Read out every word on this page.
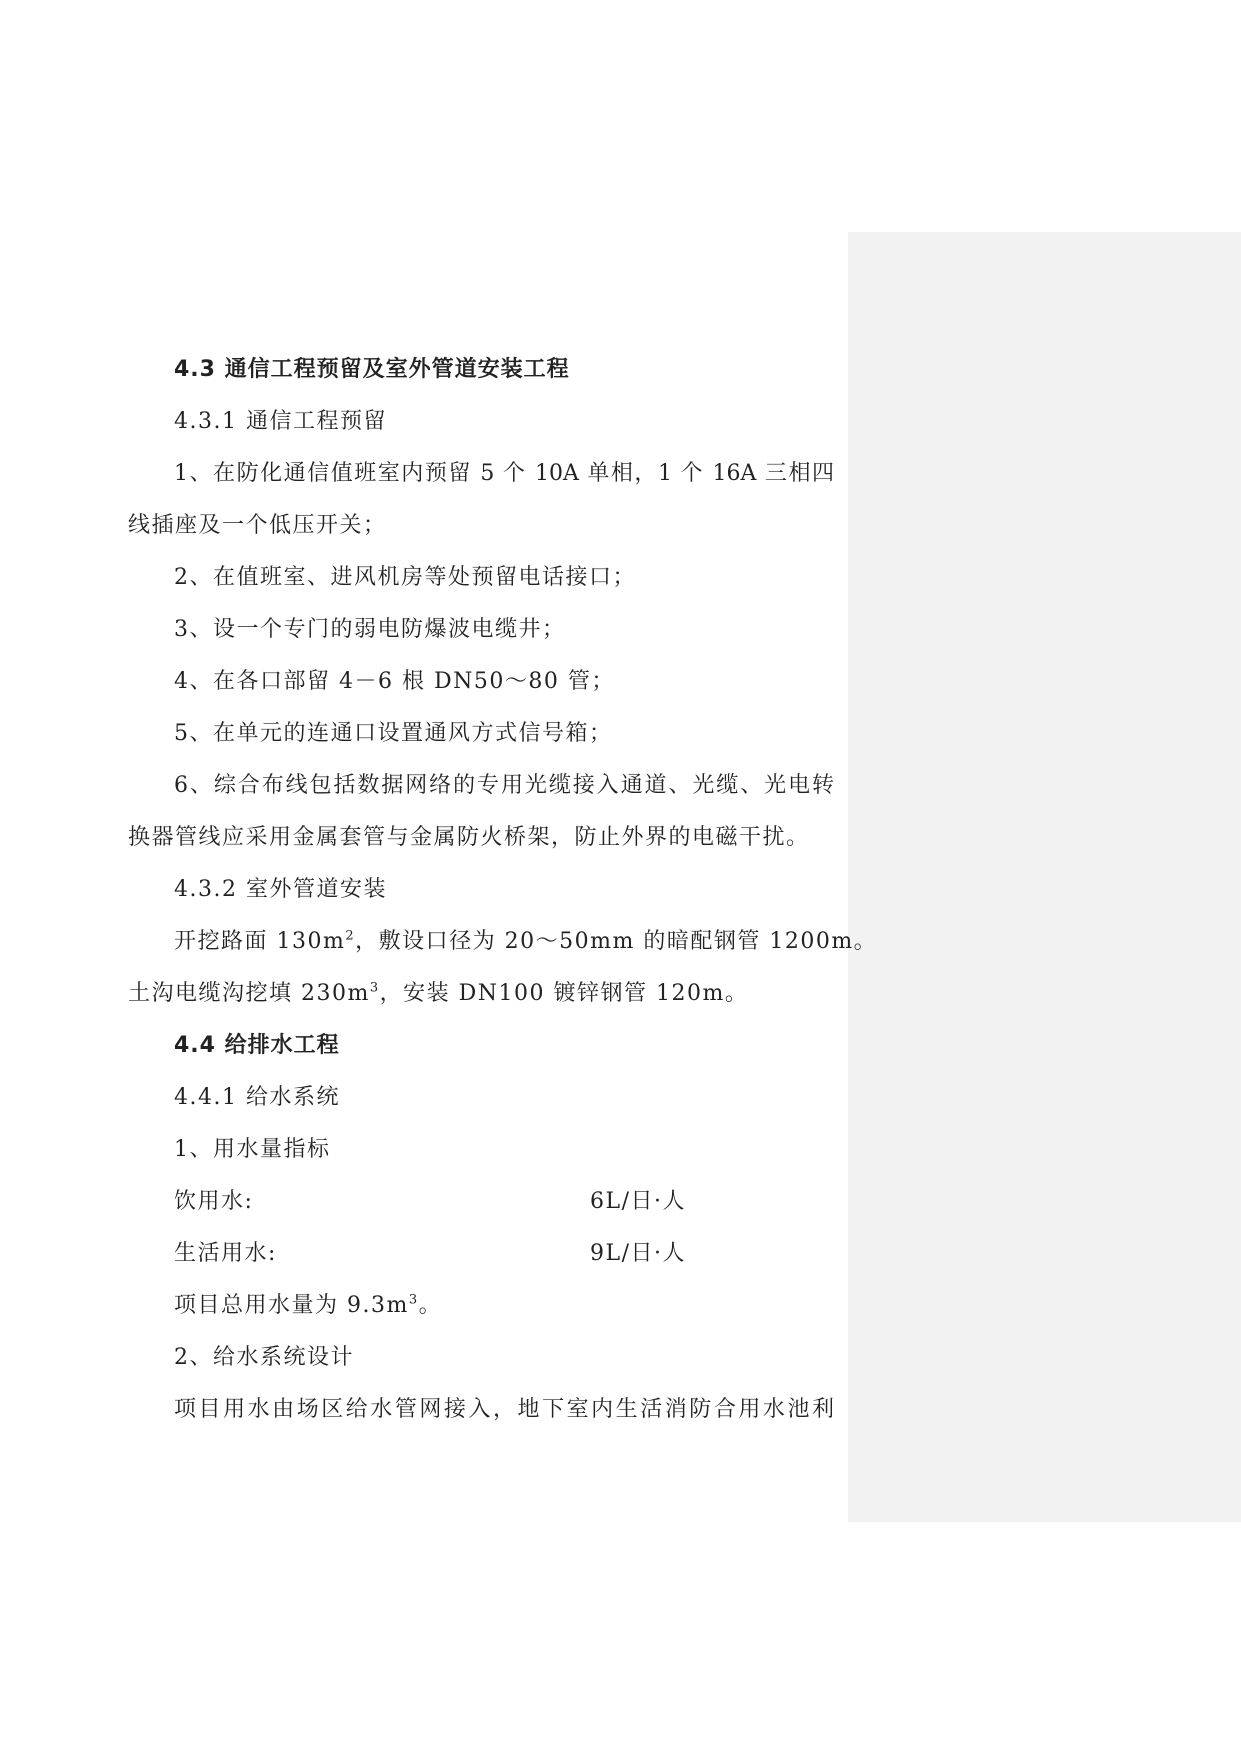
4.3 通信工程预留及室外管道安装工程
4.3.1 通信工程预留
1、在防化通信值班室内预留 5 个 10A 单相，1 个 16A 三相四
线插座及一个低压开关；
2、在值班室、进风机房等处预留电话接口；
3、设一个专门的弱电防爆波电缆井；
4、在各口部留 4－6 根 DN50～80 管；
5、在单元的连通口设置通风方式信号箱；
6、综合布线包括数据网络的专用光缆接入通道、光缆、光电转
换器管线应采用金属套管与金属防火桥架，防止外界的电磁干扰。
4.3.2 室外管道安装
开挖路面 $130m^2$，敷设口径为 20～50mm 的暗配钢管 1200m。
土沟电缆沟挖填 $230m^3$，安装 DN100 镀锌钢管 120m。
4.4 给排水工程
4.4.1 给水系统
1、用水量指标
饮用水:	6L/日·人
生活用水:	9L/日·人
项目总用水量为 $9.3m^3$。
2、给水系统设计
项目用水由场区给水管网接入，地下室内生活消防合用水池利
